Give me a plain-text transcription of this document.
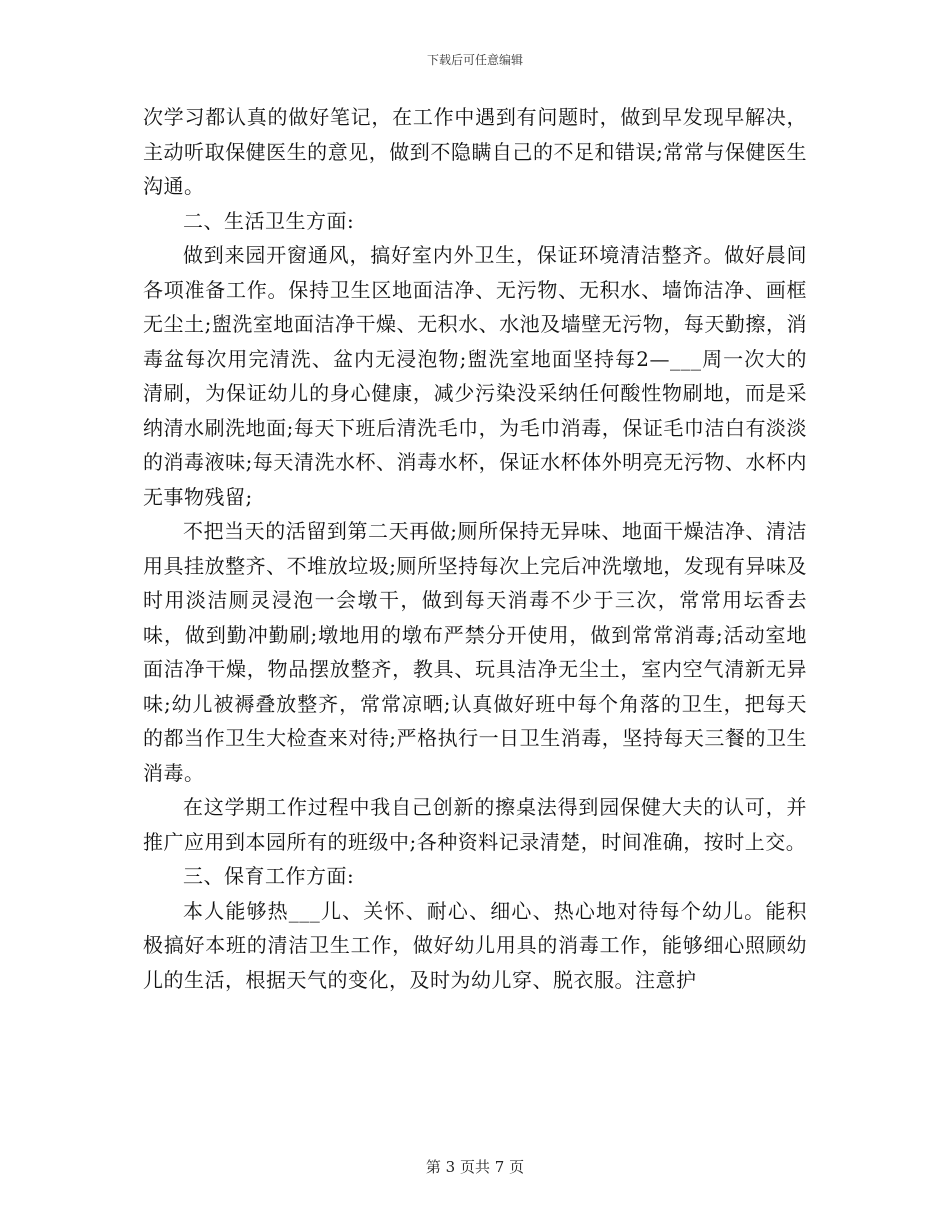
下载后可任意编辑

次学习都认真的做好笔记，在工作中遇到有问题时，做到早发现早解决，主动听取保健医生的意见，做到不隐瞒自己的不足和错误;常常与保健医生沟通。

二、生活卫生方面:

做到来园开窗通风，搞好室内外卫生，保证环境清洁整齐。做好晨间各项准备工作。保持卫生区地面洁净、无污物、无积水、墙饰洁净、画框无尘土;盥洗室地面洁净干燥、无积水、水池及墙壁无污物，每天勤擦，消毒盆每次用完清洗、盆内无浸泡物;盥洗室地面坚持每2—___周一次大的清刷，为保证幼儿的身心健康，减少污染没采纳任何酸性物刷地，而是采纳清水刷洗地面;每天下班后清洗毛巾，为毛巾消毒，保证毛巾洁白有淡淡的消毒液味;每天清洗水杯、消毒水杯，保证水杯体外明亮无污物、水杯内无事物残留;

不把当天的活留到第二天再做;厕所保持无异味、地面干燥洁净、清洁用具挂放整齐、不堆放垃圾;厕所坚持每次上完后冲洗墩地，发现有异味及时用淡洁厕灵浸泡一会墩干，做到每天消毒不少于三次，常常用坛香去味，做到勤冲勤刷;墩地用的墩布严禁分开使用，做到常常消毒;活动室地面洁净干燥，物品摆放整齐，教具、玩具洁净无尘土，室内空气清新无异味;幼儿被褥叠放整齐，常常凉晒;认真做好班中每个角落的卫生，把每天的都当作卫生大检查来对待;严格执行一日卫生消毒，坚持每天三餐的卫生消毒。

在这学期工作过程中我自己创新的擦桌法得到园保健大夫的认可，并推广应用到本园所有的班级中;各种资料记录清楚，时间准确，按时上交。

三、保育工作方面:

本人能够热___儿、关怀、耐心、细心、热心地对待每个幼儿。能积极搞好本班的清洁卫生工作，做好幼儿用具的消毒工作，能够细心照顾幼儿的生活，根据天气的变化，及时为幼儿穿、脱衣服。注意护

第 3 页共 7 页
